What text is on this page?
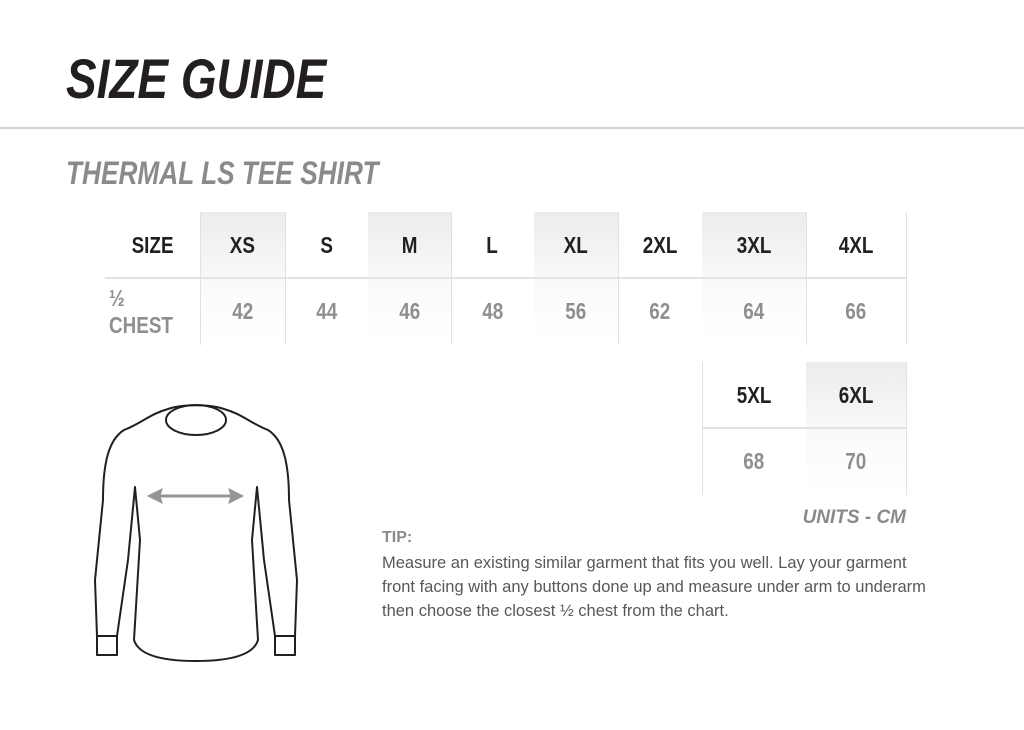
SIZE GUIDE
THERMAL LS TEE SHIRT
UNITS - CM
TIP:
Measure an existing similar garment that fits you well. Lay your garment front facing with any buttons done up and measure under arm to underarm then choose the closest ½ chest from the chart.
SIZE
½ CHEST
XS
42
S
44
M
46
L
48
XL
56
2XL
62
3XL
64
4XL
66
5XL
68
6XL
70
